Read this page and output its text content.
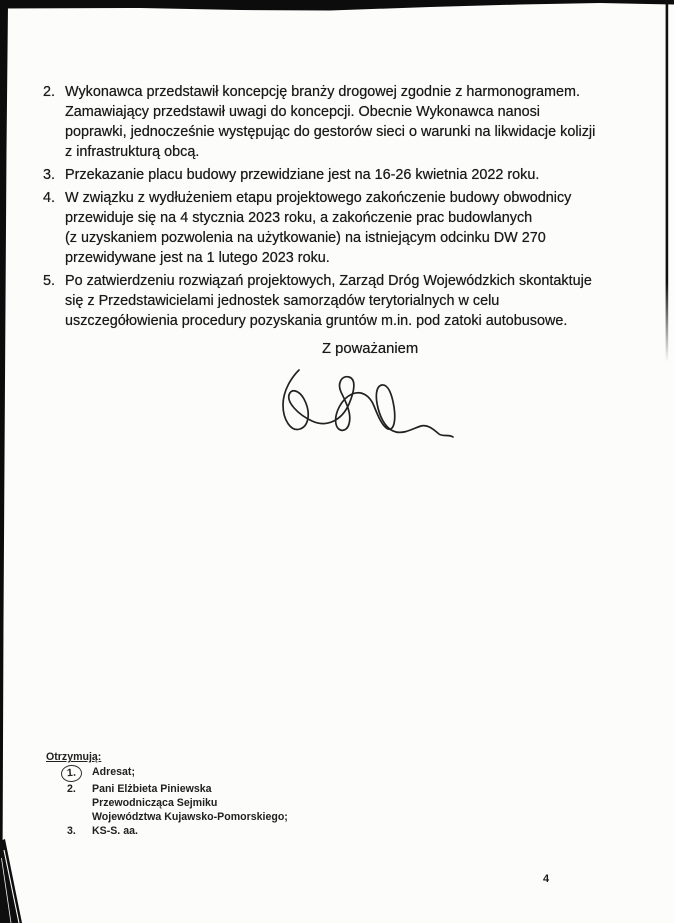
2. Wykonawca przedstawił koncepcję branży drogowej zgodnie z harmonogramem.
Zamawiający przedstawił uwagi do koncepcji. Obecnie Wykonawca nanosi
poprawki, jednocześnie występując do gestorów sieci o warunki na likwidacje kolizji
z infrastrukturą obcą.
3. Przekazanie placu budowy przewidziane jest na 16-26 kwietnia 2022 roku.
4. W związku z wydłużeniem etapu projektowego zakończenie budowy obwodnicy
przewiduje się na 4 stycznia 2023 roku, a zakończenie prac budowlanych
(z uzyskaniem pozwolenia na użytkowanie) na istniejącym odcinku DW 270
przewidywane jest na 1 lutego 2023 roku.
5. Po zatwierdzeniu rozwiązań projektowych, Zarząd Dróg Wojewódzkich skontaktuje
się z Przedstawicielami jednostek samorządów terytorialnych w celu
uszczegółowienia procedury pozyskania gruntów m.in. pod zatoki autobusowe.
Z poważaniem
Otrzymują:
1.	Adresat;
2.	Pani Elżbieta Piniewska
Przewodnicząca Sejmiku
Województwa Kujawsko-Pomorskiego;
3.	KS-S. aa.
4
